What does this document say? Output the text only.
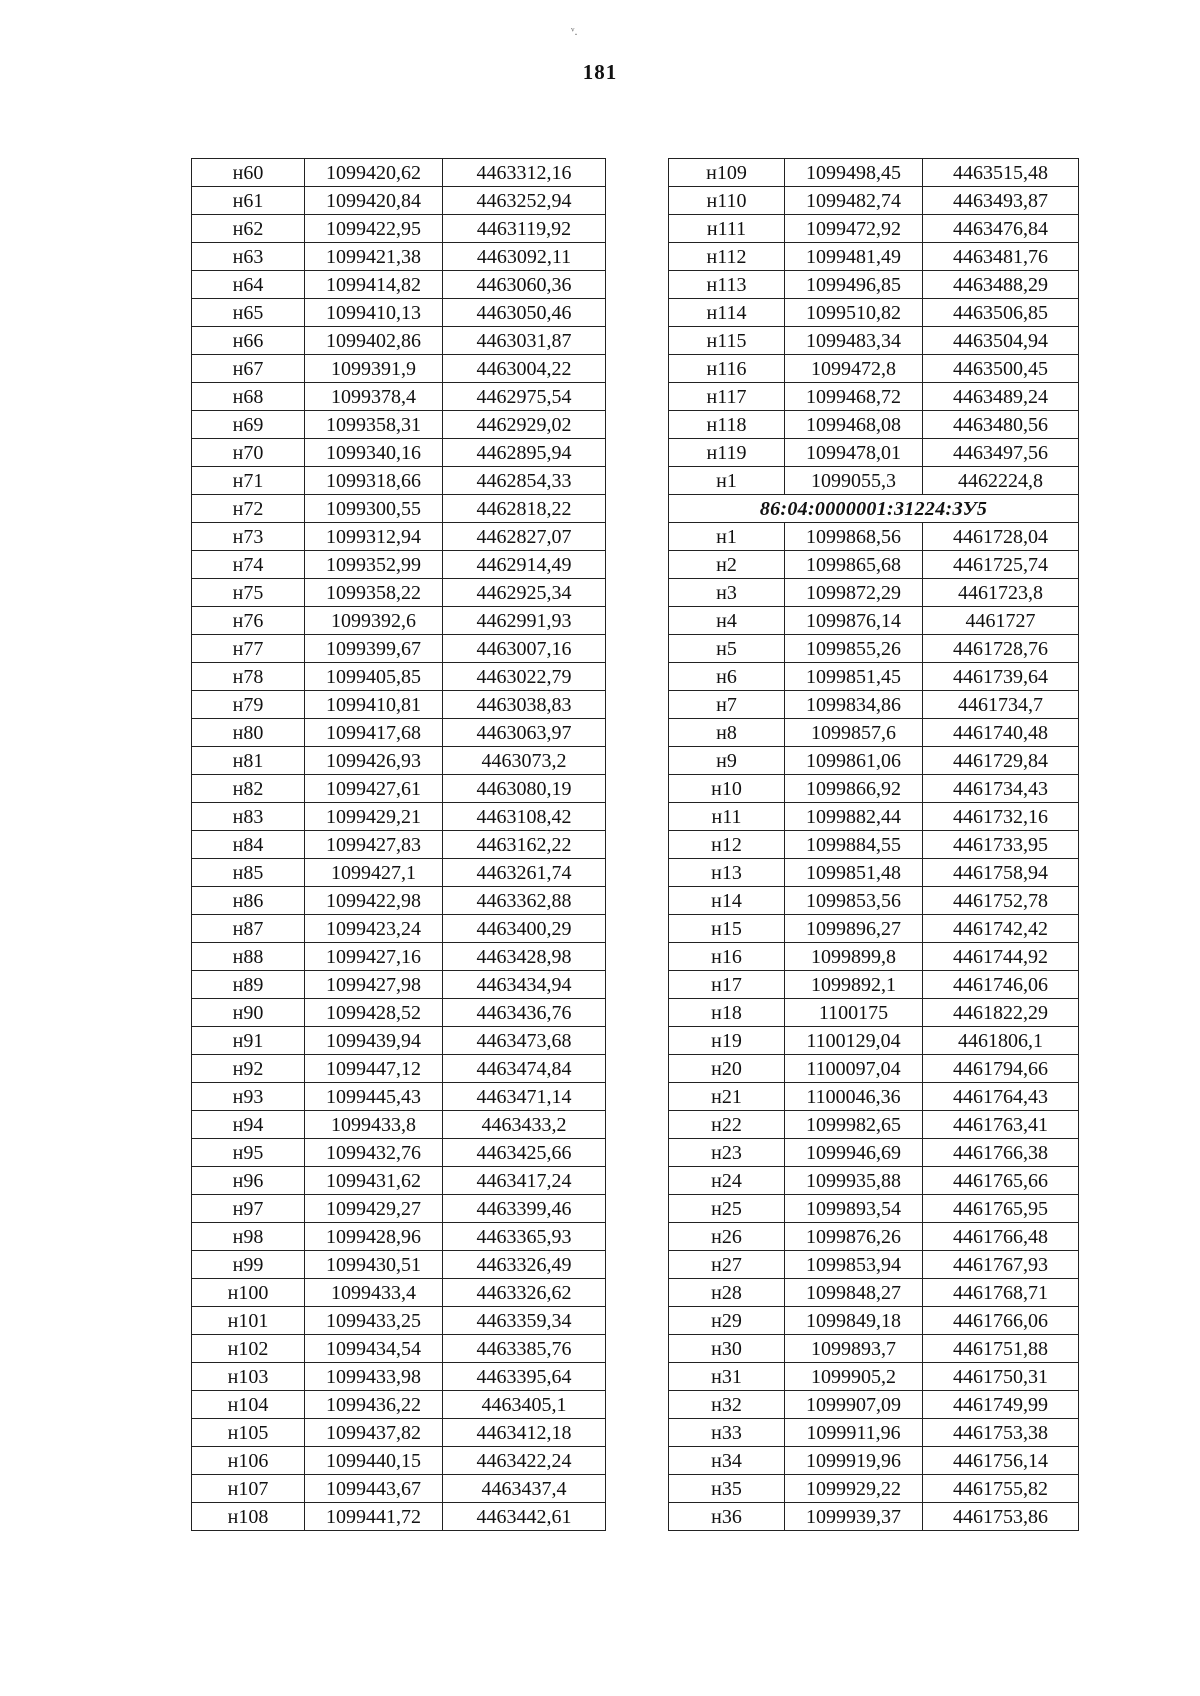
ᵛ.
181
н60	1099420,62	4463312,16
н61	1099420,84	4463252,94
н62	1099422,95	4463119,92
н63	1099421,38	4463092,11
н64	1099414,82	4463060,36
н65	1099410,13	4463050,46
н66	1099402,86	4463031,87
н67	1099391,9	4463004,22
н68	1099378,4	4462975,54
н69	1099358,31	4462929,02
н70	1099340,16	4462895,94
н71	1099318,66	4462854,33
н72	1099300,55	4462818,22
н73	1099312,94	4462827,07
н74	1099352,99	4462914,49
н75	1099358,22	4462925,34
н76	1099392,6	4462991,93
н77	1099399,67	4463007,16
н78	1099405,85	4463022,79
н79	1099410,81	4463038,83
н80	1099417,68	4463063,97
н81	1099426,93	4463073,2
н82	1099427,61	4463080,19
н83	1099429,21	4463108,42
н84	1099427,83	4463162,22
н85	1099427,1	4463261,74
н86	1099422,98	4463362,88
н87	1099423,24	4463400,29
н88	1099427,16	4463428,98
н89	1099427,98	4463434,94
н90	1099428,52	4463436,76
н91	1099439,94	4463473,68
н92	1099447,12	4463474,84
н93	1099445,43	4463471,14
н94	1099433,8	4463433,2
н95	1099432,76	4463425,66
н96	1099431,62	4463417,24
н97	1099429,27	4463399,46
н98	1099428,96	4463365,93
н99	1099430,51	4463326,49
н100	1099433,4	4463326,62
н101	1099433,25	4463359,34
н102	1099434,54	4463385,76
н103	1099433,98	4463395,64
н104	1099436,22	4463405,1
н105	1099437,82	4463412,18
н106	1099440,15	4463422,24
н107	1099443,67	4463437,4
н108	1099441,72	4463442,61
н109	1099498,45	4463515,48
н110	1099482,74	4463493,87
н111	1099472,92	4463476,84
н112	1099481,49	4463481,76
н113	1099496,85	4463488,29
н114	1099510,82	4463506,85
н115	1099483,34	4463504,94
н116	1099472,8	4463500,45
н117	1099468,72	4463489,24
н118	1099468,08	4463480,56
н119	1099478,01	4463497,56
н1	1099055,3	4462224,8
86:04:0000001:31224:ЗУ5		
н1	1099868,56	4461728,04
н2	1099865,68	4461725,74
н3	1099872,29	4461723,8
н4	1099876,14	4461727
н5	1099855,26	4461728,76
н6	1099851,45	4461739,64
н7	1099834,86	4461734,7
н8	1099857,6	4461740,48
н9	1099861,06	4461729,84
н10	1099866,92	4461734,43
н11	1099882,44	4461732,16
н12	1099884,55	4461733,95
н13	1099851,48	4461758,94
н14	1099853,56	4461752,78
н15	1099896,27	4461742,42
н16	1099899,8	4461744,92
н17	1099892,1	4461746,06
н18	1100175	4461822,29
н19	1100129,04	4461806,1
н20	1100097,04	4461794,66
н21	1100046,36	4461764,43
н22	1099982,65	4461763,41
н23	1099946,69	4461766,38
н24	1099935,88	4461765,66
н25	1099893,54	4461765,95
н26	1099876,26	4461766,48
н27	1099853,94	4461767,93
н28	1099848,27	4461768,71
н29	1099849,18	4461766,06
н30	1099893,7	4461751,88
н31	1099905,2	4461750,31
н32	1099907,09	4461749,99
н33	1099911,96	4461753,38
н34	1099919,96	4461756,14
н35	1099929,22	4461755,82
н36	1099939,37	4461753,86
